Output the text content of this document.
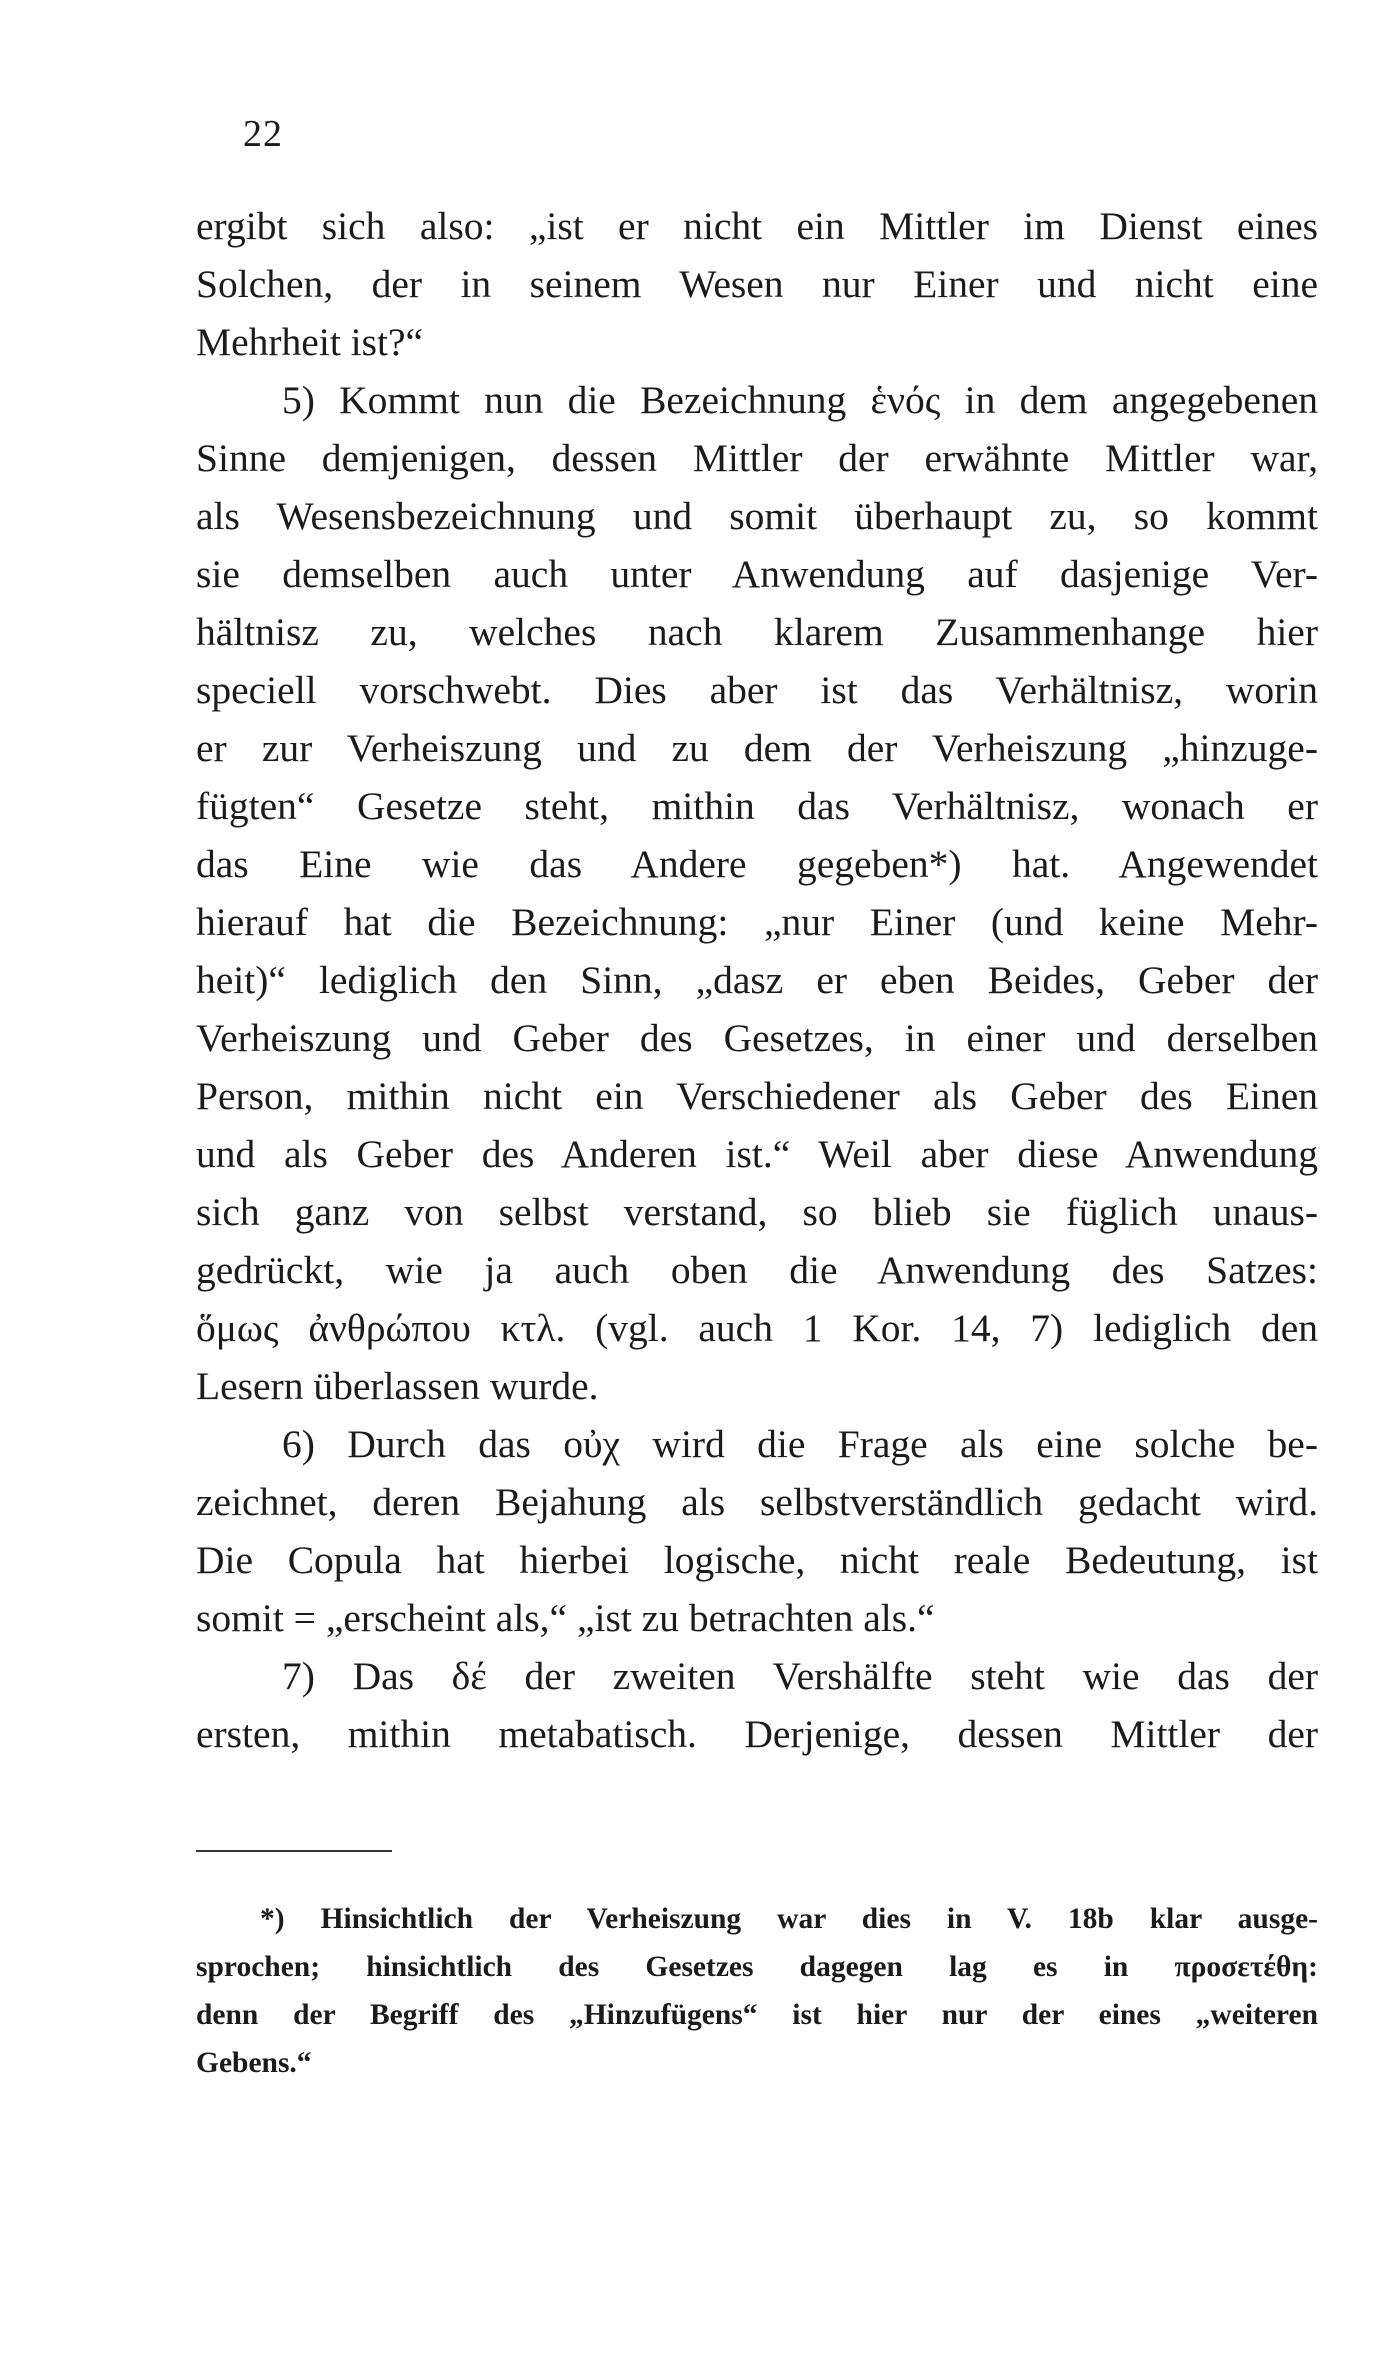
22
ergibt sich also: „ist er nicht ein Mittler im Dienst eines
Solchen, der in seinem Wesen nur Einer und nicht eine
Mehrheit ist?“
5) Kommt nun die Bezeichnung ἑνός in dem angegebenen
Sinne demjenigen, dessen Mittler der erwähnte Mittler war,
als Wesensbezeichnung und somit überhaupt zu, so kommt
sie demselben auch unter Anwendung auf dasjenige Ver-
hältnisz zu, welches nach klarem Zusammenhange hier
speciell vorschwebt. Dies aber ist das Verhältnisz, worin
er zur Verheiszung und zu dem der Verheiszung „hinzuge-
fügten“ Gesetze steht, mithin das Verhältnisz, wonach er
das Eine wie das Andere gegeben*) hat. Angewendet
hierauf hat die Bezeichnung: „nur Einer (und keine Mehr-
heit)“ lediglich den Sinn, „dasz er eben Beides, Geber der
Verheiszung und Geber des Gesetzes, in einer und derselben
Person, mithin nicht ein Verschiedener als Geber des Einen
und als Geber des Anderen ist.“ Weil aber diese Anwendung
sich ganz von selbst verstand, so blieb sie füglich unaus-
gedrückt, wie ja auch oben die Anwendung des Satzes:
ὅμως ἀνθρώπου κτλ. (vgl. auch 1 Kor. 14, 7) lediglich den
Lesern überlassen wurde.
6) Durch das οὐχ wird die Frage als eine solche be-
zeichnet, deren Bejahung als selbstverständlich gedacht wird.
Die Copula hat hierbei logische, nicht reale Bedeutung, ist
somit = „erscheint als,“ „ist zu betrachten als.“
7) Das δέ der zweiten Vershälfte steht wie das der
ersten, mithin metabatisch. Derjenige, dessen Mittler der
*) Hinsichtlich der Verheiszung war dies in V. 18b klar ausge-
sprochen; hinsichtlich des Gesetzes dagegen lag es in προσετέθη:
denn der Begriff des „Hinzufügens“ ist hier nur der eines „weiteren
Gebens.“
